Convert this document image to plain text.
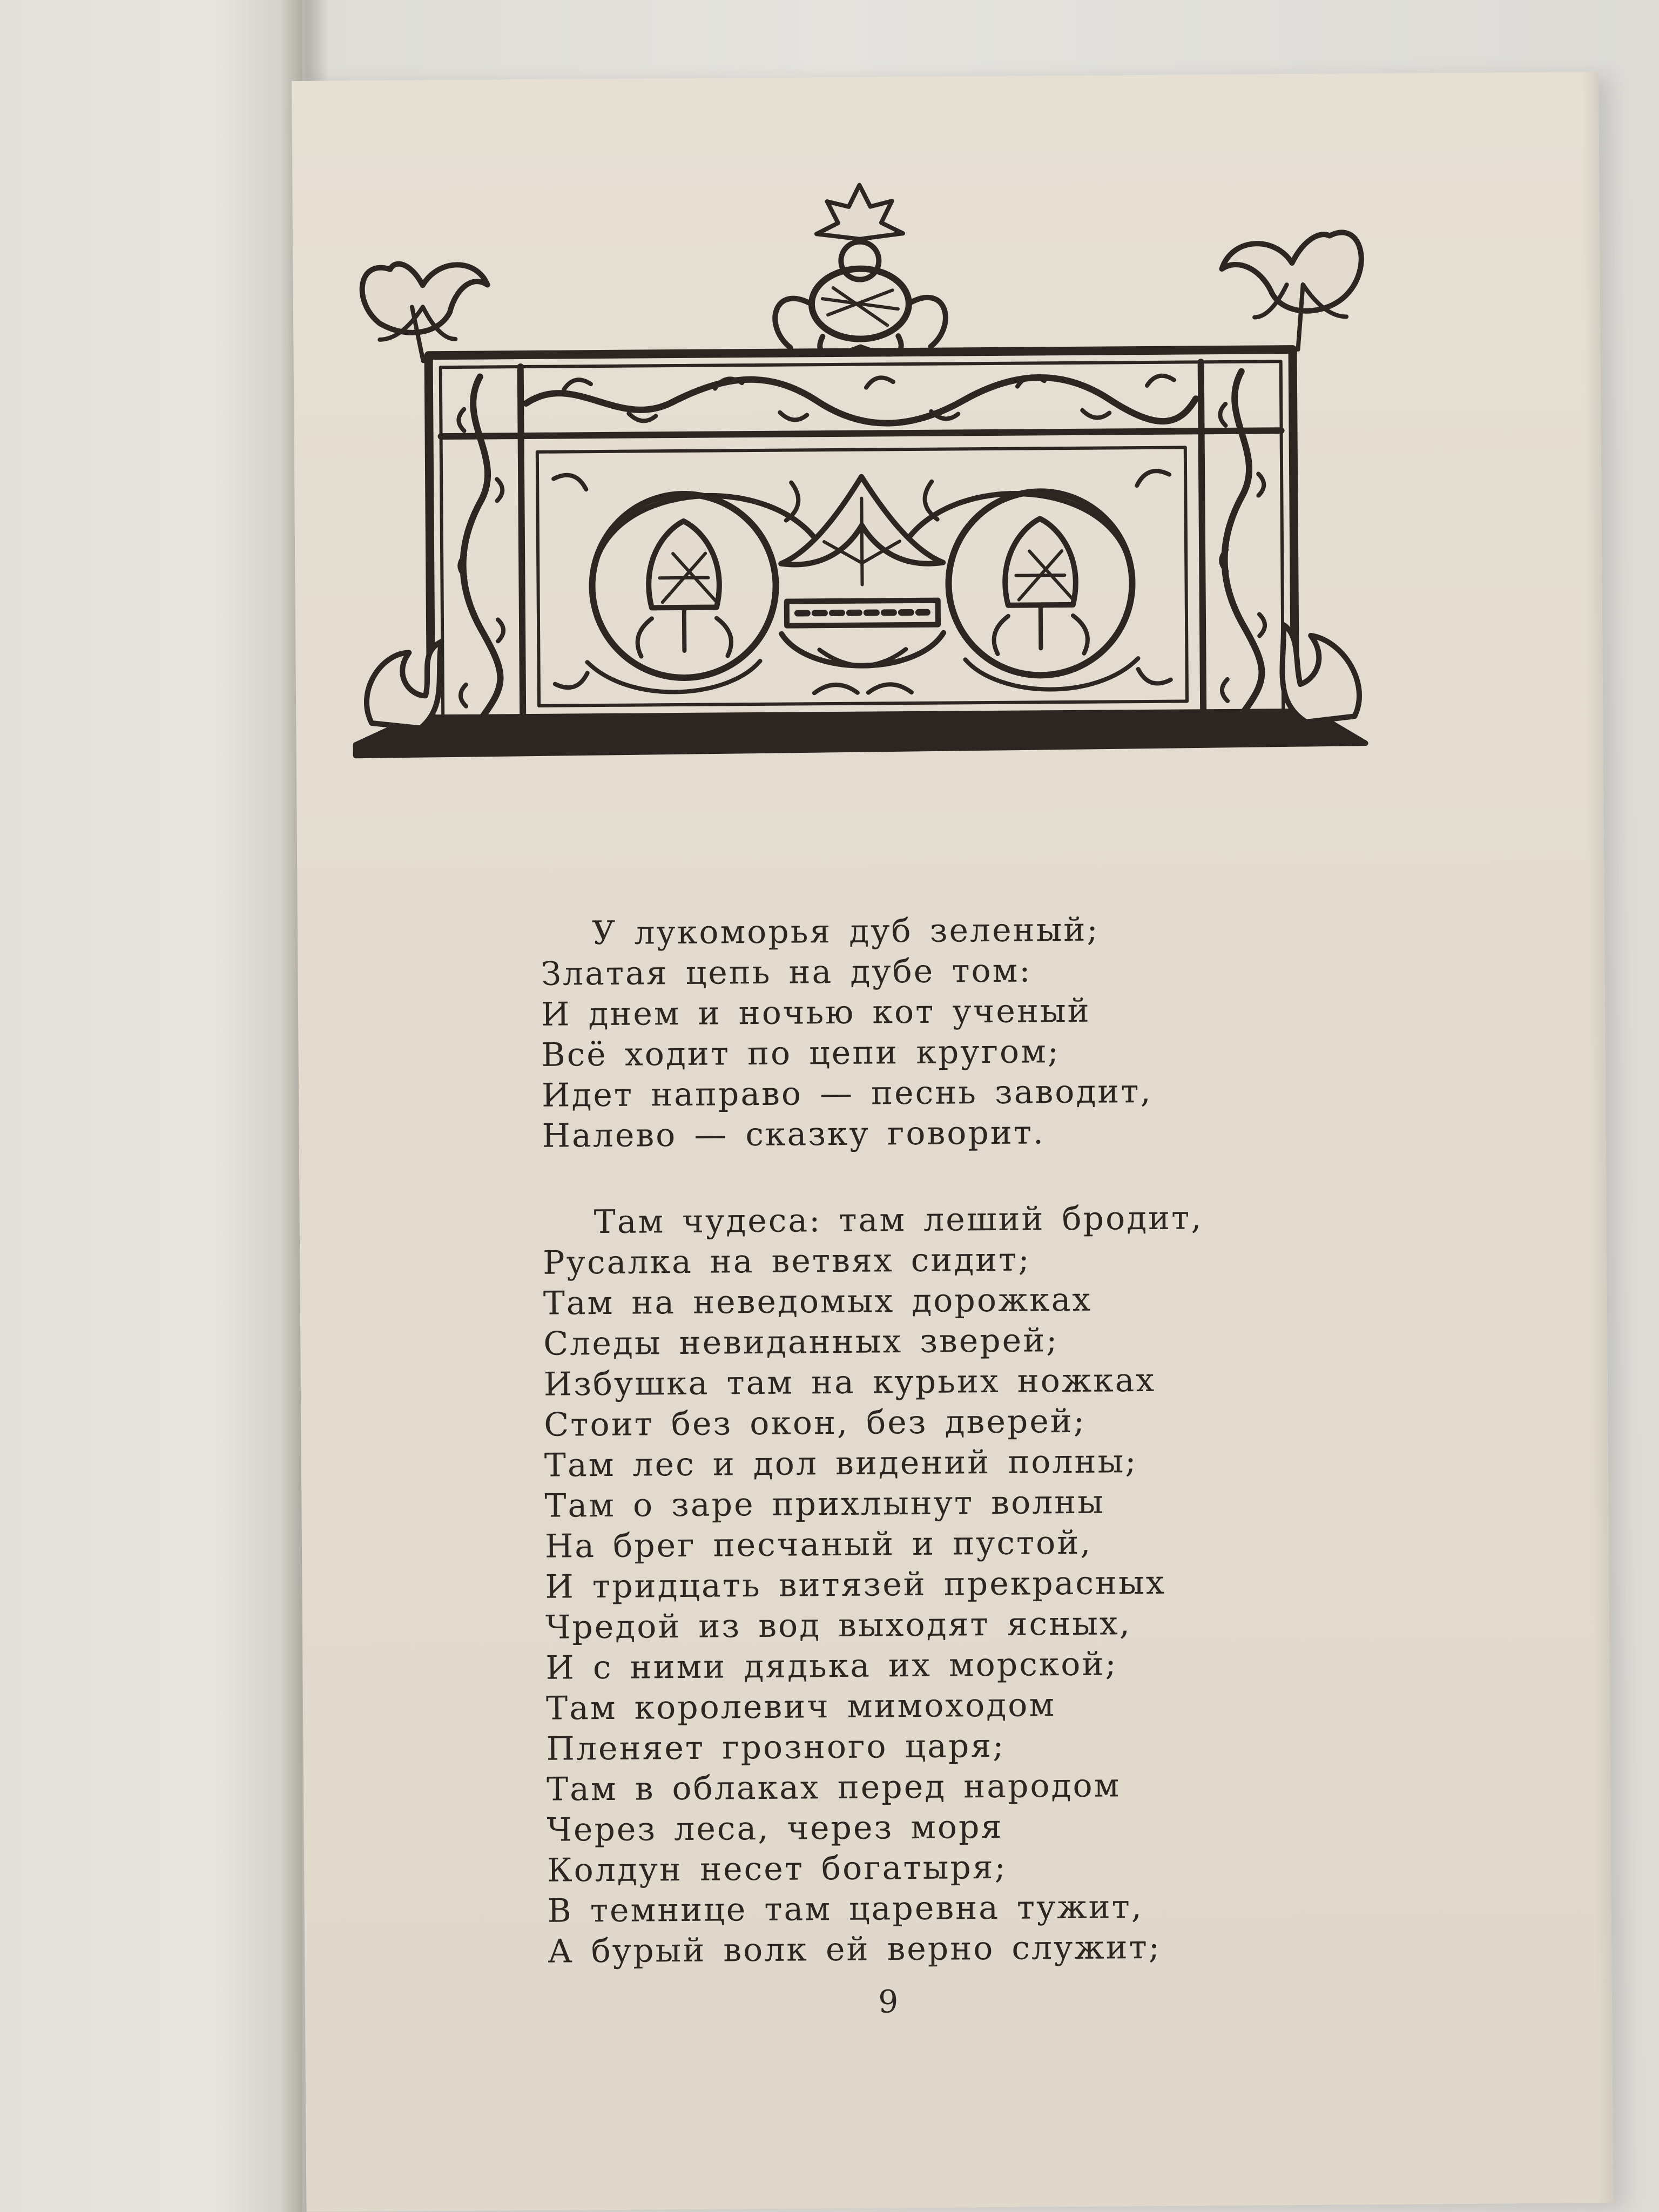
У лукоморья дуб зеленый;
Златая цепь на дубе том:
И днем и ночью кот ученый
Всё ходит по цепи кругом;
Идет направо — песнь заводит,
Налево — сказку говорит.
Там чудеса: там леший бродит,
Русалка на ветвях сидит;
Там на неведомых дорожках
Следы невиданных зверей;
Избушка там на курьих ножках
Стоит без окон, без дверей;
Там лес и дол видений полны;
Там о заре прихлынут волны
На брег песчаный и пустой,
И тридцать витязей прекрасных
Чредой из вод выходят ясных,
И с ними дядька их морской;
Там королевич мимоходом
Пленяет грозного царя;
Там в облаках перед народом
Через леса, через моря
Колдун несет богатыря;
В темнице там царевна тужит,
А бурый волк ей верно служит;
9
